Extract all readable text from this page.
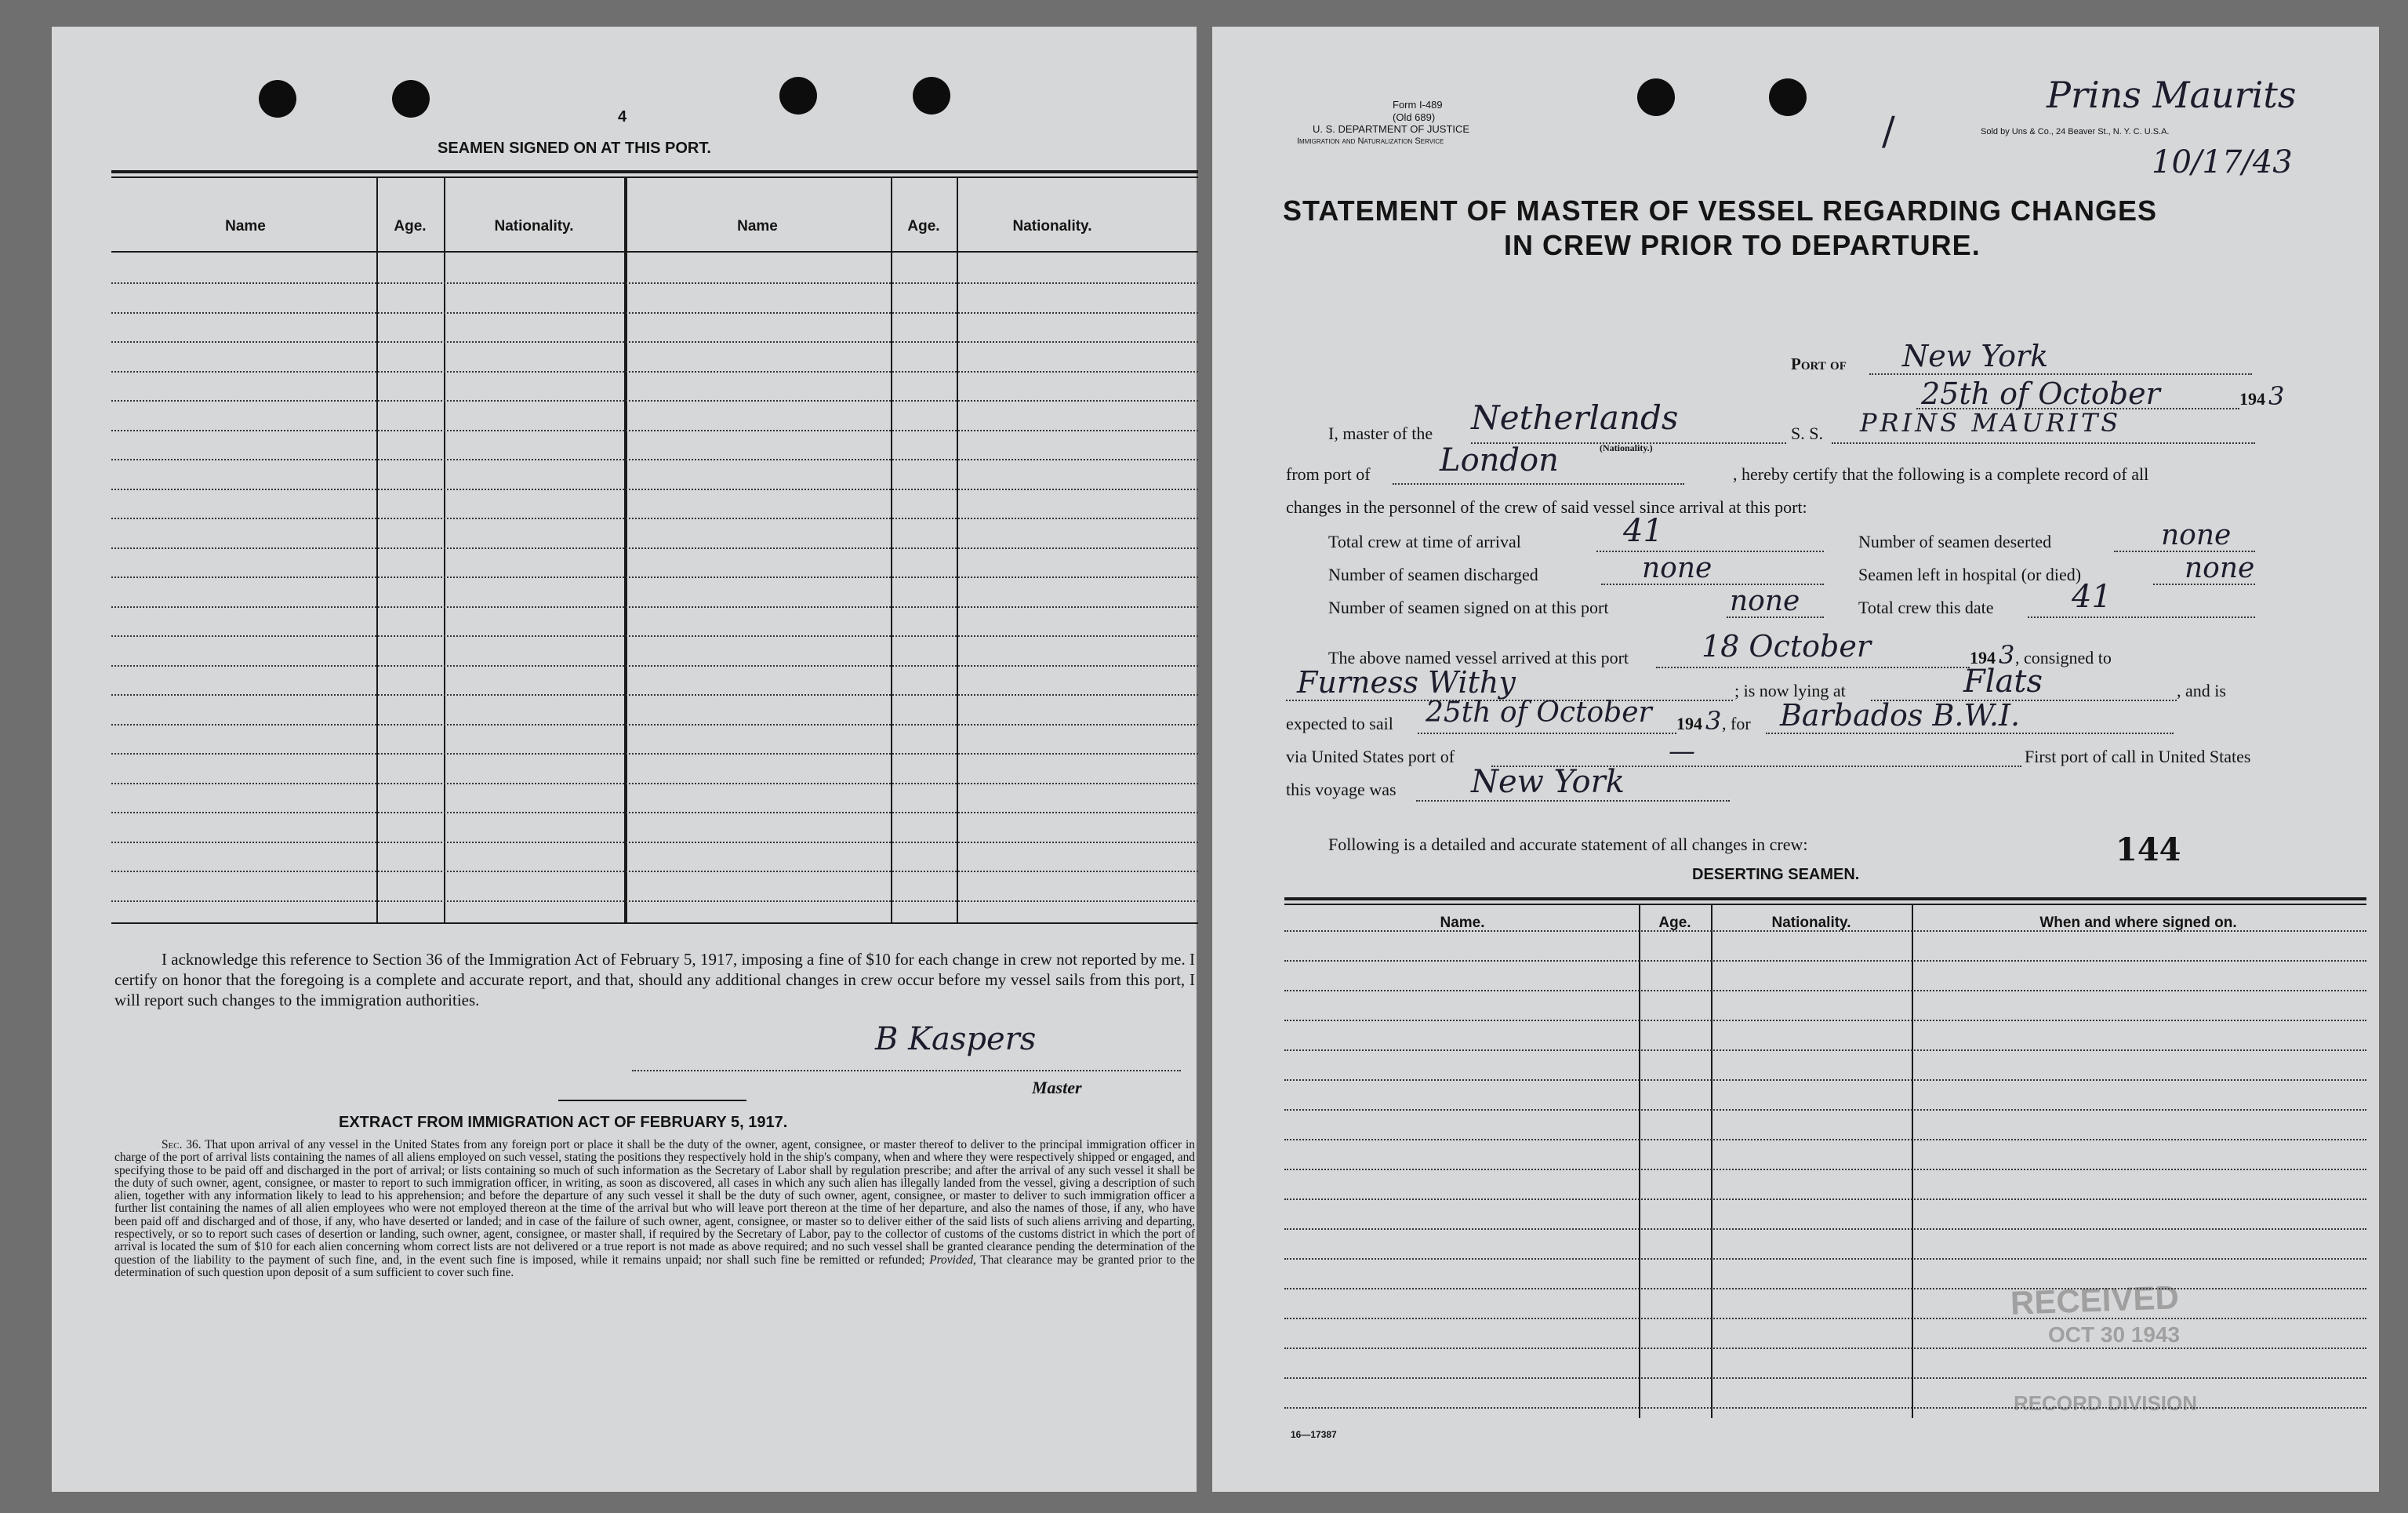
4
SEAMEN SIGNED ON AT THIS PORT.
I acknowledge this reference to Section 36 of the Immigration Act of February 5, 1917, imposing a fine of $10 for each change in crew not reported by me. I certify on honor that the foregoing is a complete and accurate report, and that, should any additional changes in crew occur before my vessel sails from this port, I will report such changes to the immigration authorities.
B Kaspers
Master
EXTRACT FROM IMMIGRATION ACT OF FEBRUARY 5, 1917.
Sec. 36. That upon arrival of any vessel in the United States from any foreign port or place it shall be the duty of the owner, agent, consignee, or master thereof to deliver to the principal immigration officer in charge of the port of arrival lists containing the names of all aliens employed on such vessel, stating the positions they respectively hold in the ship's company, when and where they were respectively shipped or engaged, and specifying those to be paid off and discharged in the port of arrival; or lists containing so much of such information as the Secretary of Labor shall by regulation prescribe; and after the arrival of any such vessel it shall be the duty of such owner, agent, consignee, or master to report to such immigration officer, in writing, as soon as discovered, all cases in which any such alien has illegally landed from the vessel, giving a description of such alien, together with any information likely to lead to his apprehension; and before the departure of any such vessel it shall be the duty of such owner, agent, consignee, or master to deliver to such immigration officer a further list containing the names of all alien employees who were not employed thereon at the time of the arrival but who will leave port thereon at the time of her departure, and also the names of those, if any, who have been paid off and discharged and of those, if any, who have deserted or landed; and in case of the failure of such owner, agent, consignee, or master so to deliver either of the said lists of such aliens arriving and departing, respectively, or so to report such cases of desertion or landing, such owner, agent, consignee, or master shall, if required by the Secretary of Labor, pay to the collector of customs of the customs district in which the port of arrival is located the sum of $10 for each alien concerning whom correct lists are not delivered or a true report is not made as above required; and no such vessel shall be granted clearance pending the determination of the question of the liability to the payment of such fine, and, in the event such fine is imposed, while it remains unpaid; nor shall such fine be remitted or refunded; Provided, That clearance may be granted prior to the determination of such question upon deposit of a sum sufficient to cover such fine.
Name	Age.	Nationality.	Name	Age.	Nationality.
Form I-489
(Old 689)
U. S. DEPARTMENT OF JUSTICE
Immigration and Naturalization Service	/	Sold by Uns & Co., 24 Beaver St., N. Y. C. U.S.A.
Prins Maurits
10/17/43
STATEMENT OF MASTER OF VESSEL REGARDING CHANGES
IN CREW PRIOR TO DEPARTURE.
Port of New York
25th of October	194 3
I, master of the Netherlands
(Nationality.)
S. S. PRINS MAURITS
from port of London	, hereby certify that the following is a complete record of all
changes in the personnel of the crew of said vessel since arrival at this port:
Total crew at time of arrival	41	Number of seamen deserted	none
Number of seamen discharged	none	Seamen left in hospital (or died)	none
Number of seamen signed on at this port	none	Total crew this date 41
The above named vessel arrived at this port 18 October	194 3 , consigned to
Furness Withy	; is now lying at	Flats	, and is
expected to sail 25th of October 194 3 , for Barbados B.W.I.
via United States port of	—	First port of call in United States
this voyage was New York
Following is a detailed and accurate statement of all changes in crew:	144
DESERTING SEAMEN.
16—17387
RECEIVED
OCT 30 1943
RECORD DIVISION
Name.	Age.	Nationality.	When and where signed on.
